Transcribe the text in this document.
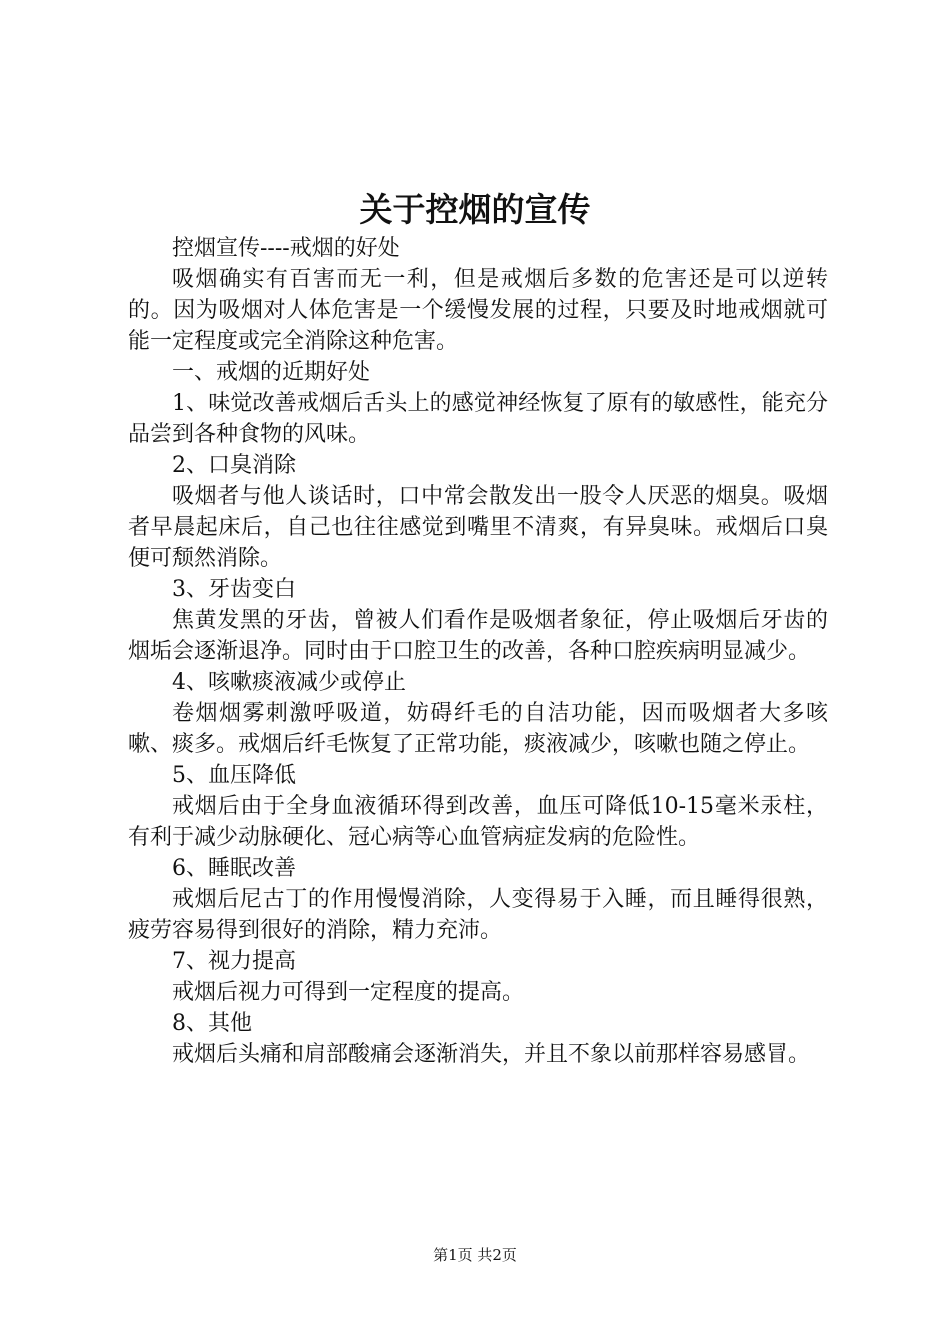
关于控烟的宣传

控烟宣传----戒烟的好处

吸烟确实有百害而无一利，但是戒烟后多数的危害还是可以逆转的。因为吸烟对人体危害是一个缓慢发展的过程，只要及时地戒烟就可能一定程度或完全消除这种危害。

一、戒烟的近期好处

1、味觉改善戒烟后舌头上的感觉神经恢复了原有的敏感性，能充分品尝到各种食物的风味。

2、口臭消除

吸烟者与他人谈话时，口中常会散发出一股令人厌恶的烟臭。吸烟者早晨起床后，自己也往往感觉到嘴里不清爽，有异臭味。戒烟后口臭便可颓然消除。

3、牙齿变白

焦黄发黑的牙齿，曾被人们看作是吸烟者象征，停止吸烟后牙齿的烟垢会逐渐退净。同时由于口腔卫生的改善，各种口腔疾病明显减少。

4、咳嗽痰液减少或停止

卷烟烟雾刺激呼吸道，妨碍纤毛的自洁功能，因而吸烟者大多咳嗽、痰多。戒烟后纤毛恢复了正常功能，痰液减少，咳嗽也随之停止。

5、血压降低

戒烟后由于全身血液循环得到改善，血压可降低10-15毫米汞柱，有利于减少动脉硬化、冠心病等心血管病症发病的危险性。

6、睡眠改善

戒烟后尼古丁的作用慢慢消除，人变得易于入睡，而且睡得很熟，疲劳容易得到很好的消除，精力充沛。

7、视力提高

戒烟后视力可得到一定程度的提高。

8、其他

戒烟后头痛和肩部酸痛会逐渐消失，并且不象以前那样容易感冒。

第1页 共2页
